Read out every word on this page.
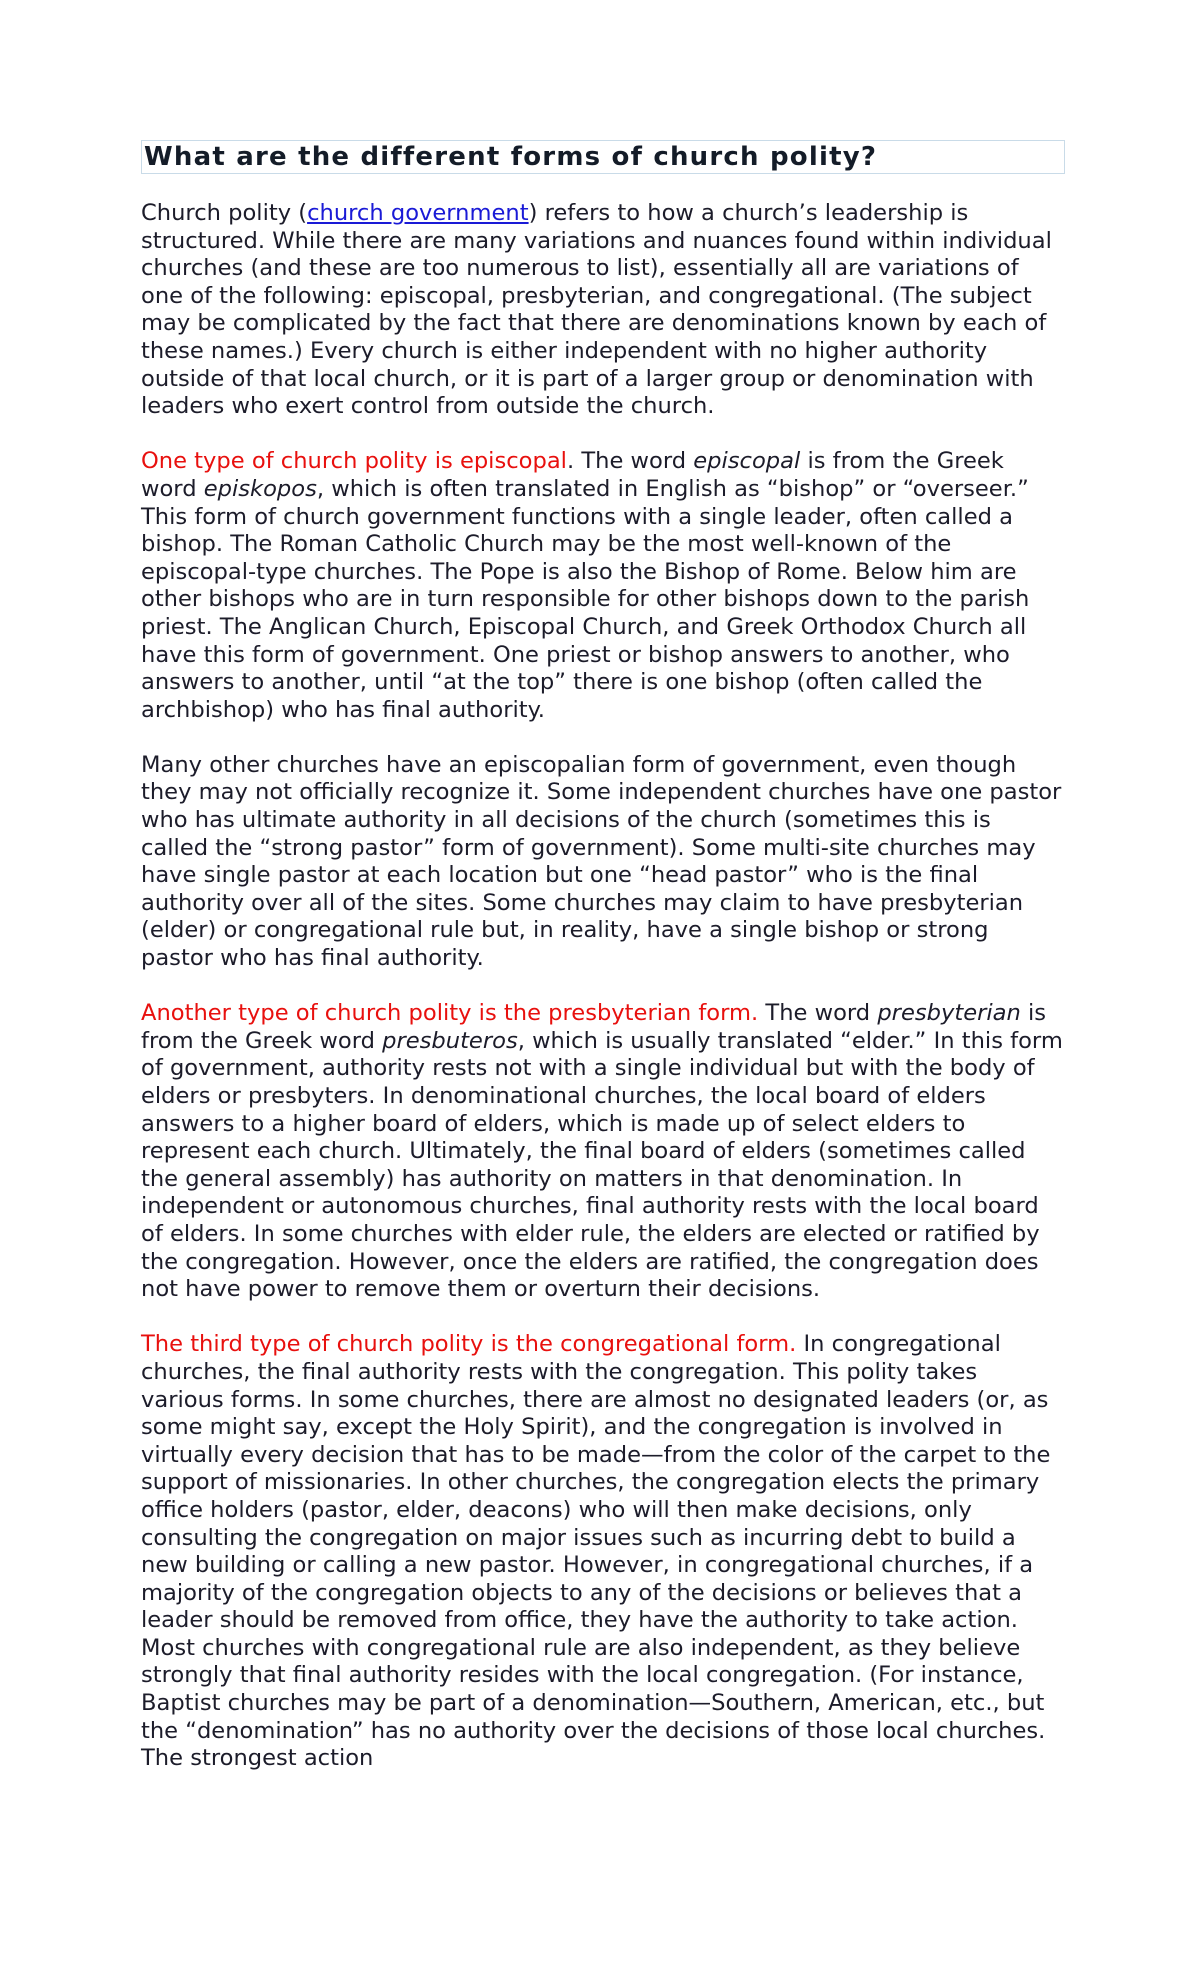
What are the different forms of church polity?

Church polity (church government) refers to how a church’s leadership is structured. While there are many variations and nuances found within individual churches (and these are too numerous to list), essentially all are variations of one of the following: episcopal, presbyterian, and congregational. (The subject may be complicated by the fact that there are denominations known by each of these names.) Every church is either independent with no higher authority outside of that local church, or it is part of a larger group or denomination with leaders who exert control from outside the church.

One type of church polity is episcopal. The word episcopal is from the Greek word episkopos, which is often translated in English as “bishop” or “overseer.” This form of church government functions with a single leader, often called a bishop. The Roman Catholic Church may be the most well-known of the episcopal-type churches. The Pope is also the Bishop of Rome. Below him are other bishops who are in turn responsible for other bishops down to the parish priest. The Anglican Church, Episcopal Church, and Greek Orthodox Church all have this form of government. One priest or bishop answers to another, who answers to another, until “at the top” there is one bishop (often called the archbishop) who has final authority.

Many other churches have an episcopalian form of government, even though they may not officially recognize it. Some independent churches have one pastor who has ultimate authority in all decisions of the church (sometimes this is called the “strong pastor” form of government). Some multi-site churches may have single pastor at each location but one “head pastor” who is the final authority over all of the sites. Some churches may claim to have presbyterian (elder) or congregational rule but, in reality, have a single bishop or strong pastor who has final authority.

Another type of church polity is the presbyterian form. The word presbyterian is from the Greek word presbuteros, which is usually translated “elder.” In this form of government, authority rests not with a single individual but with the body of elders or presbyters. In denominational churches, the local board of elders answers to a higher board of elders, which is made up of select elders to represent each church. Ultimately, the final board of elders (sometimes called the general assembly) has authority on matters in that denomination. In independent or autonomous churches, final authority rests with the local board of elders. In some churches with elder rule, the elders are elected or ratified by the congregation. However, once the elders are ratified, the congregation does not have power to remove them or overturn their decisions.

The third type of church polity is the congregational form. In congregational churches, the final authority rests with the congregation. This polity takes various forms. In some churches, there are almost no designated leaders (or, as some might say, except the Holy Spirit), and the congregation is involved in virtually every decision that has to be made—from the color of the carpet to the support of missionaries. In other churches, the congregation elects the primary office holders (pastor, elder, deacons) who will then make decisions, only consulting the congregation on major issues such as incurring debt to build a new building or calling a new pastor. However, in congregational churches, if a majority of the congregation objects to any of the decisions or believes that a leader should be removed from office, they have the authority to take action. Most churches with congregational rule are also independent, as they believe strongly that final authority resides with the local congregation. (For instance, Baptist churches may be part of a denomination—Southern, American, etc., but the “denomination” has no authority over the decisions of those local churches. The strongest action
